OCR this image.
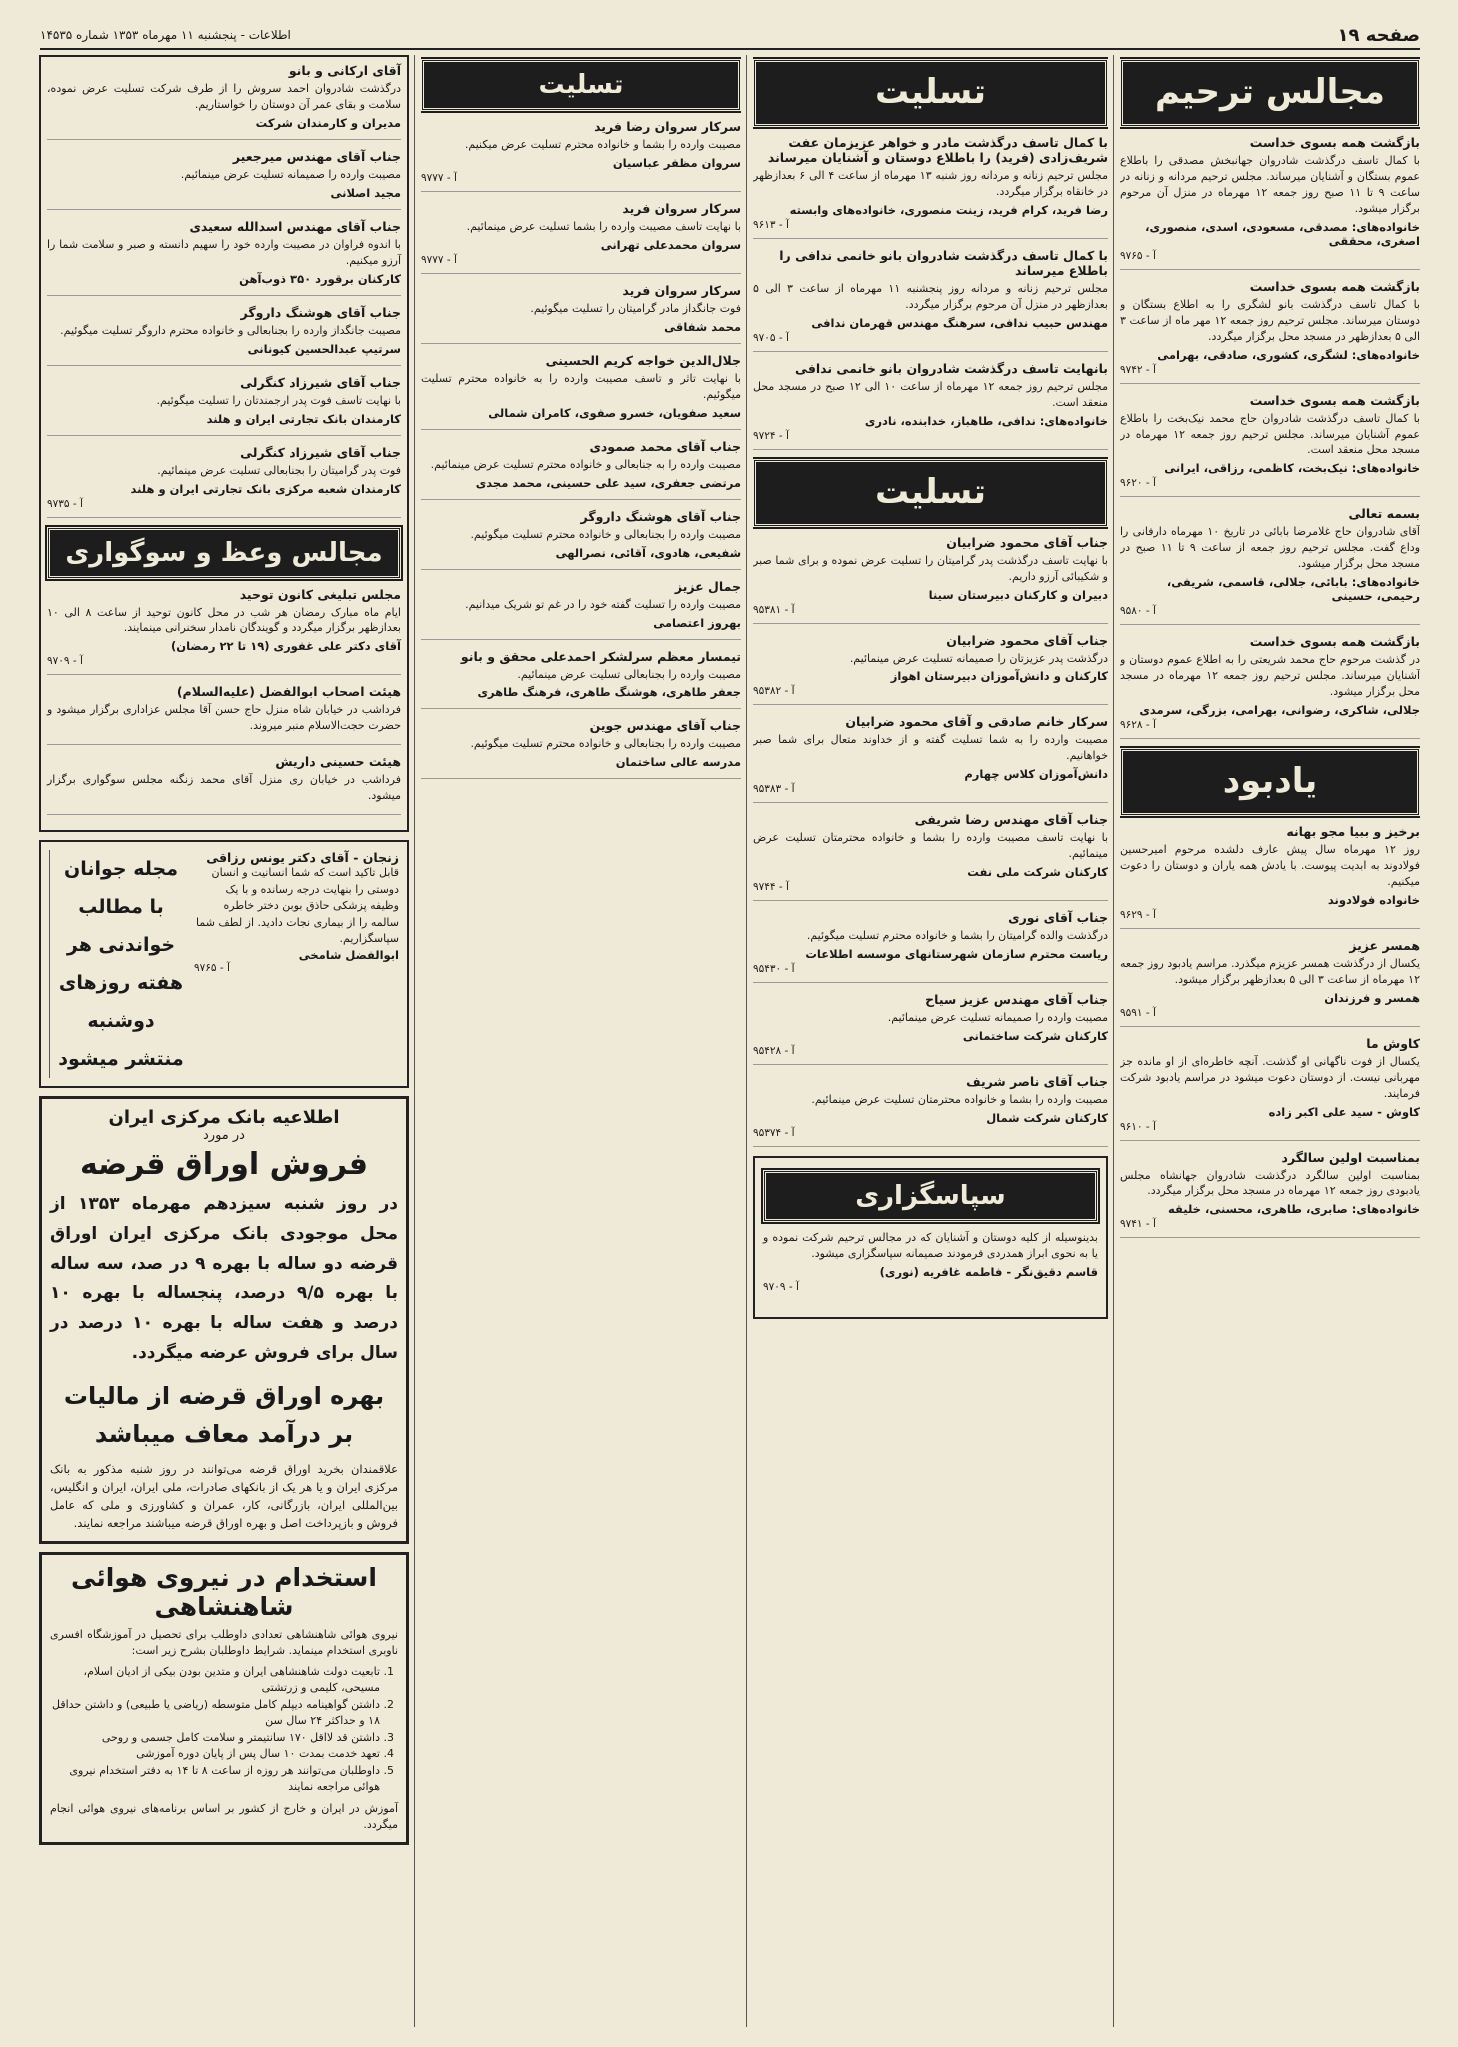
صفحه ۱۹
اطلاعات - پنجشنبه ۱۱ مهرماه ۱۳۵۳ شماره ۱۴۵۳۵
مجالس ترحیم
بازگشت همه بسوی خداست
با کمال تاسف درگذشت شادروان جهانبخش مصدقی را باطلاع عموم بستگان و آشنایان میرساند. مجلس ترحیم مردانه و زنانه در ساعت ۹ تا ۱۱ صبح روز جمعه ۱۲ مهرماه در منزل آن مرحوم برگزار میشود.
خانواده‌های: مصدقی، مسعودی، اسدی، منصوری، اصغری، محققی
آ - ۹۷۶۵
بازگشت همه بسوی خداست
با کمال تاسف درگذشت بانو لشگری را به اطلاع بستگان و دوستان میرساند. مجلس ترحیم روز جمعه ۱۲ مهر ماه از ساعت ۳ الی ۵ بعدازظهر در مسجد محل برگزار میگردد.
خانواده‌های: لشگری، کشوری، صادقی، بهرامی
آ - ۹۷۴۲
بازگشت همه بسوی خداست
با کمال تاسف درگذشت شادروان حاج محمد نیک‌بخت را باطلاع عموم آشنایان میرساند. مجلس ترحیم روز جمعه ۱۲ مهرماه در مسجد محل منعقد است.
خانواده‌های: نیک‌بخت، کاظمی، رزاقی، ایرانی
آ - ۹۶۲۰
بسمه تعالی
آقای شادروان حاج غلامرضا بابائی در تاریخ ۱۰ مهرماه دارفانی را وداع گفت. مجلس ترحیم روز جمعه از ساعت ۹ تا ۱۱ صبح در مسجد محل برگزار میشود.
خانواده‌های: بابائی، جلالی، قاسمی، شریفی، رحیمی، حسینی
آ - ۹۵۸۰
بازگشت همه بسوی خداست
در گذشت مرحوم حاج محمد شریعتی را به اطلاع عموم دوستان و آشنایان میرساند. مجلس ترحیم روز جمعه ۱۲ مهرماه در مسجد محل برگزار میشود.
جلالی، شاکری، رضوانی، بهرامی، بزرگی، سرمدی
آ - ۹۶۲۸
یادبود
برخیز و ببیا مجو بهانه
روز ۱۲ مهرماه سال پیش عارف دلشده مرحوم امیرحسین فولادوند به ابدیت پیوست. با یادش همه یاران و دوستان را دعوت میکنیم.
خانواده فولادوند
آ - ۹۶۲۹
همسر عزیز
یکسال از درگذشت همسر عزیزم میگذرد. مراسم یادبود روز جمعه ۱۲ مهرماه از ساعت ۳ الی ۵ بعدازظهر برگزار میشود.
همسر و فرزندان
آ - ۹۵۹۱
کاوش ما
یکسال از فوت ناگهانی او گذشت. آنچه خاطره‌ای از او مانده جز مهربانی نیست. از دوستان دعوت میشود در مراسم یادبود شرکت فرمایند.
کاوش - سید علی اکبر زاده
آ - ۹۶۱۰
بمناسبت اولین سالگرد
بمناسبت اولین سالگرد درگذشت شادروان جهانشاه مجلس یادبودی روز جمعه ۱۲ مهرماه در مسجد محل برگزار میگردد.
خانواده‌های: صابری، طاهری، محسنی، خلیقه
آ - ۹۷۴۱
تسلیت
با کمال تاسف درگذشت مادر و خواهر عزیزمان عفت شریف‌زادی (فرید) را باطلاع دوستان و آشنایان میرساند
مجلس ترحیم زنانه و مردانه روز شنبه ۱۳ مهرماه از ساعت ۴ الی ۶ بعدازظهر در خانقاه برگزار میگردد.
رضا فرید، کرام فرید، زینت منصوری، خانواده‌های وابسته
آ - ۹۶۱۳
با کمال تاسف درگذشت شادروان بانو خانمی ندافی را باطلاع میرساند
مجلس ترحیم زنانه و مردانه روز پنجشنبه ۱۱ مهرماه از ساعت ۳ الی ۵ بعدازظهر در منزل آن مرحوم برگزار میگردد.
مهندس حبیب ندافی، سرهنگ مهندس قهرمان ندافی
آ - ۹۷۰۵
بانهایت تاسف درگذشت شادروان بانو خانمی ندافی
مجلس ترحیم روز جمعه ۱۲ مهرماه از ساعت ۱۰ الی ۱۲ صبح در مسجد محل منعقد است.
خانواده‌های: ندافی، طاهباز، خدابنده، نادری
آ - ۹۷۲۴
تسلیت
جناب آقای محمود ضرابیان
با نهایت تاسف درگذشت پدر گرامیتان را تسلیت عرض نموده و برای شما صبر و شکیبائی آرزو داریم.
دبیران و کارکنان دبیرستان سینا
آ - ۹۵۳۸۱
جناب آقای محمود ضرابیان
درگذشت پدر عزیزتان را صمیمانه تسلیت عرض مینمائیم.
کارکنان و دانش‌آموزان دبیرستان اهواز
آ - ۹۵۳۸۲
سرکار خانم صادقی و آقای محمود ضرابیان
مصیبت وارده را به شما تسلیت گفته و از خداوند متعال برای شما صبر خواهانیم.
دانش‌آموزان کلاس چهارم
آ - ۹۵۳۸۳
جناب آقای مهندس رضا شریفی
با نهایت تاسف مصیبت وارده را بشما و خانواده محترمتان تسلیت عرض مینمائیم.
کارکنان شرکت ملی نفت
آ - ۹۷۴۴
جناب آقای نوری
درگذشت والده گرامیتان را بشما و خانواده محترم تسلیت میگوئیم.
ریاست محترم سازمان شهرستانهای موسسه اطلاعات
آ - ۹۵۴۳۰
جناب آقای مهندس عزیز سیاح
مصیبت وارده را صمیمانه تسلیت عرض مینمائیم.
کارکنان شرکت ساختمانی
آ - ۹۵۴۲۸
جناب آقای ناصر شریف
مصیبت وارده را بشما و خانواده محترمتان تسلیت عرض مینمائیم.
کارکنان شرکت شمال
آ - ۹۵۳۷۴
سپاسگزاری
بدینوسیله از کلیه دوستان و آشنایان که در مجالس ترحیم شرکت نموده و یا به نحوی ابراز همدردی فرمودند صمیمانه سپاسگزاری میشود.
قاسم دقیق‌نگر - فاطمه غافریه (نوری)
آ - ۹۷۰۹
تسلیت
سرکار سروان رضا فرید
مصیبت وارده را بشما و خانواده محترم تسلیت عرض میکنیم.
سروان مظفر عباسیان
آ - ۹۷۷۷
سرکار سروان فرید
با نهایت تاسف مصیبت وارده را بشما تسلیت عرض مینمائیم.
سروان محمدعلی تهرانی
آ - ۹۷۷۷
سرکار سروان فرید
فوت جانگداز مادر گرامیتان را تسلیت میگوئیم.
محمد شفاقی
جلال‌الدین خواجه کریم الحسینی
با نهایت تاثر و تاسف مصیبت وارده را به خانواده محترم تسلیت میگوئیم.
سعید صفویان، خسرو صفوی، کامران شمالی
جناب آقای محمد صمودی
مصیبت وارده را به جنابعالی و خانواده محترم تسلیت عرض مینمائیم.
مرتضی جعفری، سید علی حسینی، محمد مجدی
جناب آقای هوشنگ داروگر
مصیبت وارده را بجنابعالی و خانواده محترم تسلیت میگوئیم.
شفیعی، هادوی، آقائی، نصرالهی
جمال عزیز
مصیبت وارده را تسلیت گفته خود را در غم تو شریک میدانیم.
بهروز اعتصامی
تیمسار معظم سرلشکر احمدعلی محقق و بانو
مصیبت وارده را بجنابعالی تسلیت عرض مینمائیم.
جعفر طاهری، هوشنگ طاهری، فرهنگ طاهری
جناب آقای مهندس جوین
مصیبت وارده را بجنابعالی و خانواده محترم تسلیت میگوئیم.
مدرسه عالی ساختمان
آقای ارکانی و بانو
درگذشت شادروان احمد سروش را از طرف شرکت تسلیت عرض نموده، سلامت و بقای عمر آن دوستان را خواستاریم.
مدیران و کارمندان شرکت
جناب آقای مهندس میرجعیر
مصیبت وارده را صمیمانه تسلیت عرض مینمائیم.
مجید اصلانی
جناب آقای مهندس اسدالله سعیدی
با اندوه فراوان در مصیبت وارده خود را سهیم دانسته و صبر و سلامت شما را آرزو میکنیم.
کارکنان برقورد ۳۵۰ ذوب‌آهن
جناب آقای هوشنگ داروگر
مصیبت جانگداز وارده را بجنابعالی و خانواده محترم داروگر تسلیت میگوئیم.
سرتیپ عبدالحسین کیونانی
جناب آقای شیرزاد کنگرلی
با نهایت تاسف فوت پدر ارجمندتان را تسلیت میگوئیم.
کارمندان بانک تجارتی ایران و هلند
جناب آقای شیرزاد کنگرلی
فوت پدر گرامیتان را بجنابعالی تسلیت عرض مینمائیم.
کارمندان شعبه مرکزی بانک تجارتی ایران و هلند
آ - ۹۷۳۵
مجالس وعظ و سوگواری
مجلس تبلیغی کانون توحید
ایام ماه مبارک رمضان هر شب در محل کانون توحید از ساعت ۸ الی ۱۰ بعدازظهر برگزار میگردد و گویندگان نامدار سخنرانی مینمایند.
آقای دکتر علی غفوری (۱۹ تا ۲۲ رمضان)
آ - ۹۷۰۹
هیئت اصحاب ابوالفضل (علیه‌السلام)
فرداشب در خیابان شاه منزل حاج حسن آقا مجلس عزاداری برگزار میشود و حضرت حجت‌الاسلام منبر میروند.
هیئت حسینی داریش
فرداشب در خیابان ری منزل آقای محمد زنگنه مجلس سوگواری برگزار میشود.
زنجان - آقای دکتر یونس رزاقی
قابل تاکید است که شما انسانیت و انسان دوستی را بنهایت درجه رسانده و با یک وظیفه پزشکی حاذق بوبن دختر خاطره سالمه را از بیماری نجات دادید. از لطف شما سپاسگزاریم.
ابوالفضل شامخی
آ - ۹۷۶۵
مجله جوانان با مطالب خواندنی هر هفته روزهای دوشنبه منتشر میشود
اطلاعیه بانک مرکزی ایران
در مورد
فروش اوراق قرضه
در روز شنبه سیزدهم مهرماه ۱۳۵۳ از محل موجودی بانک مرکزی ایران اوراق قرضه دو ساله با بهره ۹ در صد، سه ساله با بهره ۹/۵ درصد، پنجساله با بهره ۱۰ درصد و هفت ساله با بهره ۱۰ درصد در سال برای فروش عرضه میگردد.
بهره اوراق قرضه از مالیات بر درآمد معاف میباشد
علاقمندان بخرید اوراق قرضه می‌توانند در روز شنبه مذکور به بانک مرکزی ایران و یا هر یک از بانکهای صادرات، ملی ایران، ایران و انگلیس، بین‌المللی ایران، بازرگانی، کار، عمران و کشاورزی و ملی که عامل فروش و بازپرداخت اصل و بهره اوراق قرضه میباشند مراجعه نمایند.
استخدام در نیروی هوائی شاهنشاهی
نیروی هوائی شاهنشاهی تعدادی داوطلب برای تحصیل در آموزشگاه افسری ناوبری استخدام مینماید. شرایط داوطلبان بشرح زیر است:
1. تابعیت دولت شاهنشاهی ایران و متدین بودن بیکی از ادیان اسلام، مسیحی، کلیمی و زرتشتی
2. داشتن گواهینامه دیپلم کامل متوسطه (ریاضی یا طبیعی) و داشتن حداقل ۱۸ و حداکثر ۲۴ سال سن
3. داشتن قد لااقل ۱۷۰ سانتیمتر و سلامت کامل جسمی و روحی
4. تعهد خدمت بمدت ۱۰ سال پس از پایان دوره آموزشی
5. داوطلبان می‌توانند هر روزه از ساعت ۸ تا ۱۴ به دفتر استخدام نیروی هوائی مراجعه نمایند
آموزش در ایران و خارج از کشور بر اساس برنامه‌های نیروی هوائی انجام میگردد.
